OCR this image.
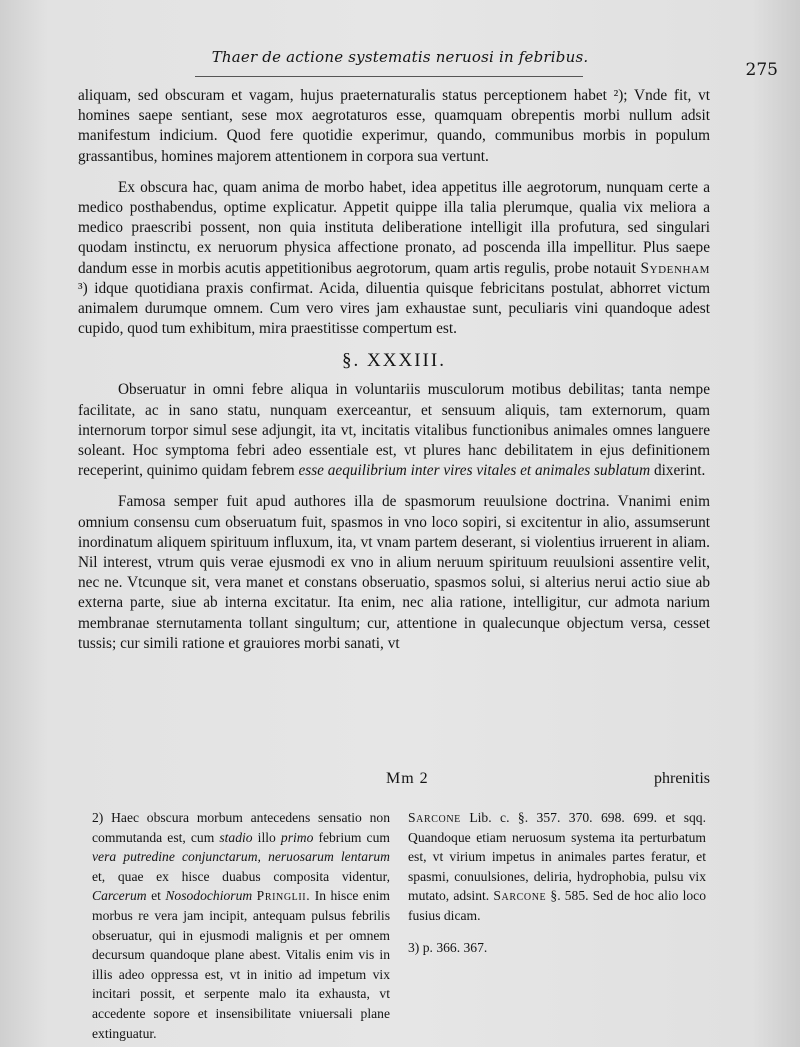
Thaer de actione systematis neruosi in febribus.
275

aliquam, sed obscuram et vagam, hujus praeternaturalis status perceptionem habet ²); Vnde fit, vt homines saepe sentiant, sese mox aegrotaturos esse, quamquam obrepentis morbi nullum adsit manifestum indicium. Quod fere quotidie experimur, quando, communibus morbis in populum grassantibus, homines majorem attentionem in corpora sua vertunt.

Ex obscura hac, quam anima de morbo habet, idea appetitus ille aegrotorum, nunquam certe a medico posthabendus, optime explicatur. Appetit quippe illa talia plerumque, qualia vix meliora a medico praescribi possent, non quia instituta deliberatione intelligit illa profutura, sed singulari quodam instinctu, ex neruorum physica affectione pronato, ad poscenda illa impellitur. Plus saepe dandum esse in morbis acutis appetitionibus aegrotorum, quam artis regulis, probe notauit Sydenham ³) idque quotidiana praxis confirmat. Acida, diluentia quisque febricitans postulat, abhorret victum animalem durumque omnem. Cum vero vires jam exhaustae sunt, peculiaris vini quandoque adest cupido, quod tum exhibitum, mira praestitisse compertum est.

§. XXXIII.

Obseruatur in omni febre aliqua in voluntariis musculorum motibus debilitas; tanta nempe facilitate, ac in sano statu, nunquam exerceantur, et sensuum aliquis, tam externorum, quam internorum torpor simul sese adjungit, ita vt, incitatis vitalibus functionibus animales omnes languere soleant. Hoc symptoma febri adeo essentiale est, vt plures hanc debilitatem in ejus definitionem receperint, quinimo quidam febrem esse aequilibrium inter vires vitales et animales sublatum dixerint.

Famosa semper fuit apud authores illa de spasmorum reuulsione doctrina. Vnanimi enim omnium consensu cum obseruatum fuit, spasmos in vno loco sopiri, si excitentur in alio, assumserunt inordinatum aliquem spirituum influxum, ita, vt vnam partem deserant, si violentius irruerent in aliam. Nil interest, vtrum quis verae ejusmodi ex vno in alium neruum spirituum reuulsioni assentire velit, nec ne. Vtcunque sit, vera manet et constans obseruatio, spasmos solui, si alterius nerui actio siue ab externa parte, siue ab interna excitatur. Ita enim, nec alia ratione, intelligitur, cur admota narium membranae sternutamenta tollant singultum; cur, attentione in qualecunque objectum versa, cesset tussis; cur simili ratione et grauiores morbi sanati, vt

Mm 2	phrenitis

2) Haec obscura morbum antecedens sensatio non commutanda est, cum stadio illo primo febrium cum vera putredine conjunctarum, neruosarum lentarum et, quae ex hisce duabus composita videntur, Carcerum et Nosodochiorum Pringlii. In hisce enim morbus re vera jam incipit, antequam pulsus febrilis obseruatur, qui in ejusmodi malignis et per omnem decursum quandoque plane abest. Vitalis enim vis in illis adeo oppressa est, vt in initio ad impetum vix incitari possit, et serpente malo ita exhausta, vt accedente sopore et insensibilitate vniuersali plane extinguatur.

Sarcone Lib. c. §. 357. 370. 698. 699. et sqq. Quandoque etiam neruosum systema ita perturbatum est, vt virium impetus in animales partes feratur, et spasmi, conuulsiones, deliria, hydrophobia, pulsu vix mutato, adsint. Sarcone §. 585. Sed de hoc alio loco fusius dicam.

3) p. 366. 367.
